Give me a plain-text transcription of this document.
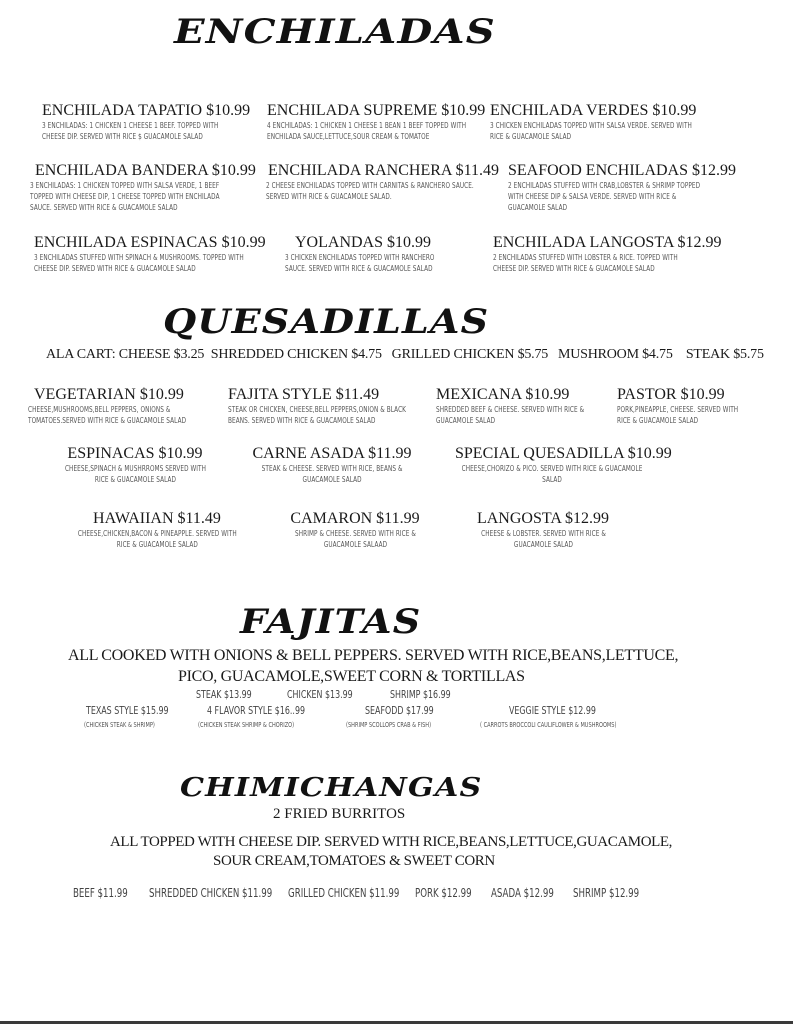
ENCHILADAS
ENCHILADA TAPATIO $10.99
3 ENCHILADAS: 1 CHICKEN 1 CHEESE 1 BEEF. TOPPED WITH CHEESE DIP. SERVED WITH RICE $ GUACAMOLE SALAD
ENCHILADA SUPREME $10.99
4 ENCHILADAS: 1 CHICKEN 1 CHEESE 1 BEAN 1 BEEF TOPPED WITH ENCHILADA SAUCE,LETTUCE,SOUR CREAM & TOMATOE
ENCHILADA VERDES $10.99
3 CHICKEN ENCHILADAS TOPPED WITH SALSA VERDE. SERVED WITH RICE & GUACAMOLE SALAD
ENCHILADA BANDERA $10.99
3 ENCHILADAS: 1 CHICKEN TOPPED WITH SALSA VERDE, 1 BEEF TOPPED WITH CHEESE DIP, 1 CHEESE TOPPED WITH ENCHILADA SAUCE. SERVED WITH RICE & GUACAMOLE SALAD
ENCHILADA RANCHERA $11.49
2 CHEESE ENCHILADAS TOPPED WITH CARNITAS & RANCHERO SAUCE. SERVED WITH RICE & GUACAMOLE SALAD.
SEAFOOD ENCHILADAS $12.99
2 ENCHILADAS STUFFED WITH CRAB,LOBSTER & SHRIMP TOPPED WITH CHEESE DIP & SALSA VERDE. SERVED WITH RICE & GUACAMOLE SALAD
ENCHILADA ESPINACAS $10.99
3 ENCHILADAS STUFFED WITH SPINACH & MUSHROOMS. TOPPED WITH CHEESE DIP. SERVED WITH RICE & GUACAMOLE SALAD
YOLANDAS $10.99
3 CHICKEN ENCHILADAS TOPPED WITH RANCHERO SAUCE. SERVED WITH RICE & GUACAMOLE SALAD
ENCHILADA LANGOSTA $12.99
2 ENCHILADAS STUFFED WITH LOBSTER & RICE. TOPPED WITH CHEESE DIP. SERVED WITH RICE & GUACAMOLE SALAD
QUESADILLAS
ALA CART: CHEESE $3.25  SHREDDED CHICKEN $4.75   GRILLED CHICKEN $5.75   MUSHROOM $4.75    STEAK $5.75
VEGETARIAN $10.99
CHEESE,MUSHROOMS,BELL PEPPERS, ONIONS & TOMATOES.SERVED WITH RICE & GUACAMOLE SALAD
FAJITA STYLE $11.49
STEAK OR CHICKEN, CHEESE,BELL PEPPERS,ONION & BLACK BEANS. SERVED WITH RICE & GUACAMOLE SALAD
MEXICANA $10.99
SHREDDED BEEF & CHEESE. SERVED WITH RICE & GUACAMOLE SALAD
PASTOR $10.99
PORK,PINEAPPLE, CHEESE. SERVED WITH RICE & GUACAMOLE SALAD
ESPINACAS $10.99
CHEESE,SPINACH & MUSHRROMS SERVED WITH RICE & GUACAMOLE SALAD
CARNE ASADA $11.99
STEAK & CHEESE. SERVED WITH RICE, BEANS & GUACAMOLE SALAD
SPECIAL QUESADILLA $10.99
CHEESE,CHORIZO & PICO. SERVED WITH RICE & GUACAMOLE SALAD
HAWAIIAN $11.49
CHEESE,CHICKEN,BACON & PINEAPPLE. SERVED WITH RICE & GUACAMOLE SALAD
CAMARON $11.99
SHRIMP & CHEESE. SERVED WITH RICE & GUACAMOLE SALAAD
LANGOSTA $12.99
CHEESE & LOBSTER. SERVED WITH RICE & GUACAMOLE SALAD
FAJITAS
ALL COOKED WITH ONIONS & BELL PEPPERS. SERVED WITH RICE,BEANS,LETTUCE,
PICO, GUACAMOLE,SWEET CORN & TORTILLAS
STEAK $13.99	CHICKEN $13.99	SHRIMP $16.99
TEXAS STYLE $15.99
(CHICKEN STEAK & SHRIMP)
4 FLAVOR STYLE $16..99
(CHICKEN STEAK SHRIMP & CHORIZO)
SEAFODD $17.99
(SHRIMP SCOLLOPS CRAB & FISH)
VEGGIE STYLE $12.99
( CARROTS BROCCOLI CAULIFLOWER & MUSHROOMS)
CHIMICHANGAS
2 FRIED BURRITOS
ALL TOPPED WITH CHEESE DIP. SERVED WITH RICE,BEANS,LETTUCE,GUACAMOLE,
SOUR CREAM,TOMATOES & SWEET CORN
BEEF $11.99 SHREDDED CHICKEN $11.99 GRILLED CHICKEN $11.99 PORK $12.99 ASADA $12.99 SHRIMP $12.99
